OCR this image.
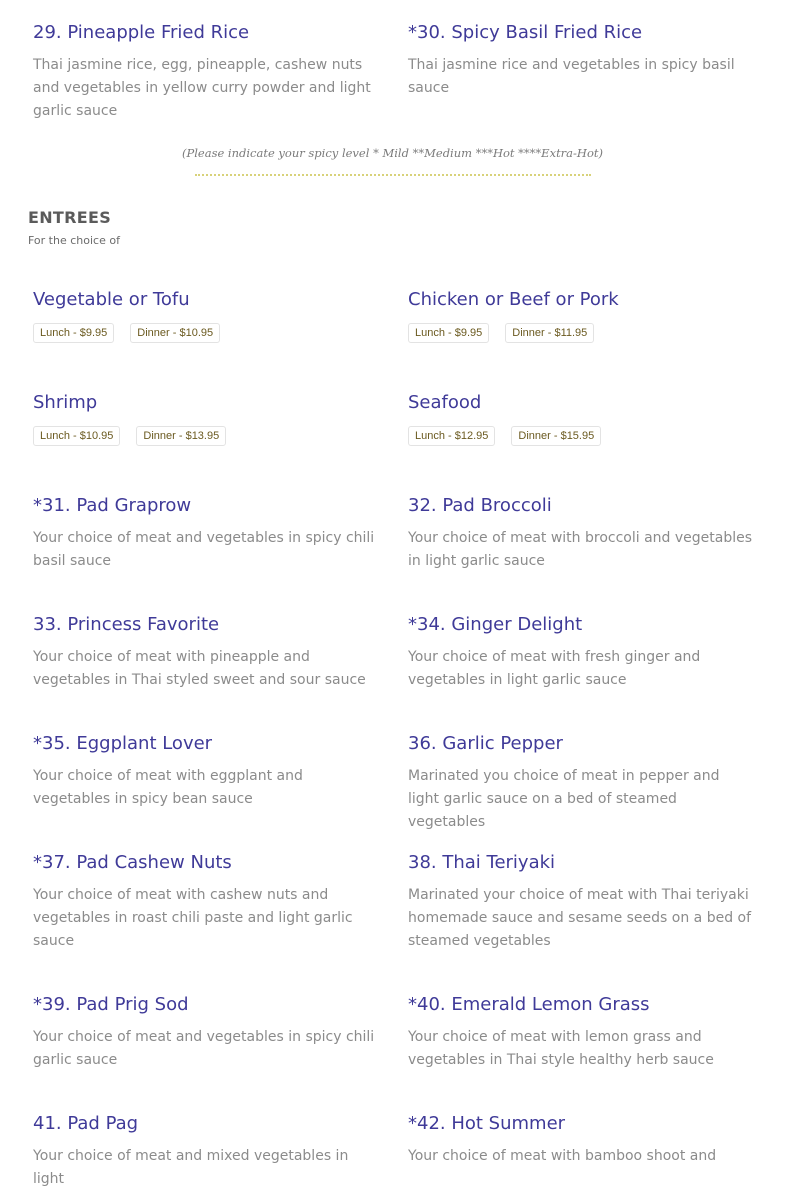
29. Pineapple Fried Rice
Thai jasmine rice, egg, pineapple, cashew nuts and vegetables in yellow curry powder and light garlic sauce
*30. Spicy Basil Fried Rice
Thai jasmine rice and vegetables in spicy basil sauce
(Please indicate your spicy level * Mild **Medium ***Hot ****Extra-Hot)
ENTREES
For the choice of
Vegetable or Tofu
Lunch - $9.95	Dinner - $10.95
Chicken or Beef or Pork
Lunch - $9.95	Dinner - $11.95
Shrimp
Lunch - $10.95	Dinner - $13.95
Seafood
Lunch - $12.95	Dinner - $15.95
*31. Pad Graprow
Your choice of meat and vegetables in spicy chili basil sauce
32. Pad Broccoli
Your choice of meat with broccoli and vegetables in light garlic sauce
33. Princess Favorite
Your choice of meat with pineapple and vegetables in Thai styled sweet and sour sauce
*34. Ginger Delight
Your choice of meat with fresh ginger and vegetables in light garlic sauce
*35. Eggplant Lover
Your choice of meat with eggplant and vegetables in spicy bean sauce
36. Garlic Pepper
Marinated you choice of meat in pepper and light garlic sauce on a bed of steamed vegetables
*37. Pad Cashew Nuts
Your choice of meat with cashew nuts and vegetables in roast chili paste and light garlic sauce
38. Thai Teriyaki
Marinated your choice of meat with Thai teriyaki homemade sauce and sesame seeds on a bed of steamed vegetables
*39. Pad Prig Sod
Your choice of meat and vegetables in spicy chili garlic sauce
*40. Emerald Lemon Grass
Your choice of meat with lemon grass and vegetables in Thai style healthy herb sauce
41. Pad Pag
Your choice of meat and mixed vegetables in light
*42. Hot Summer
Your choice of meat with bamboo shoot and
